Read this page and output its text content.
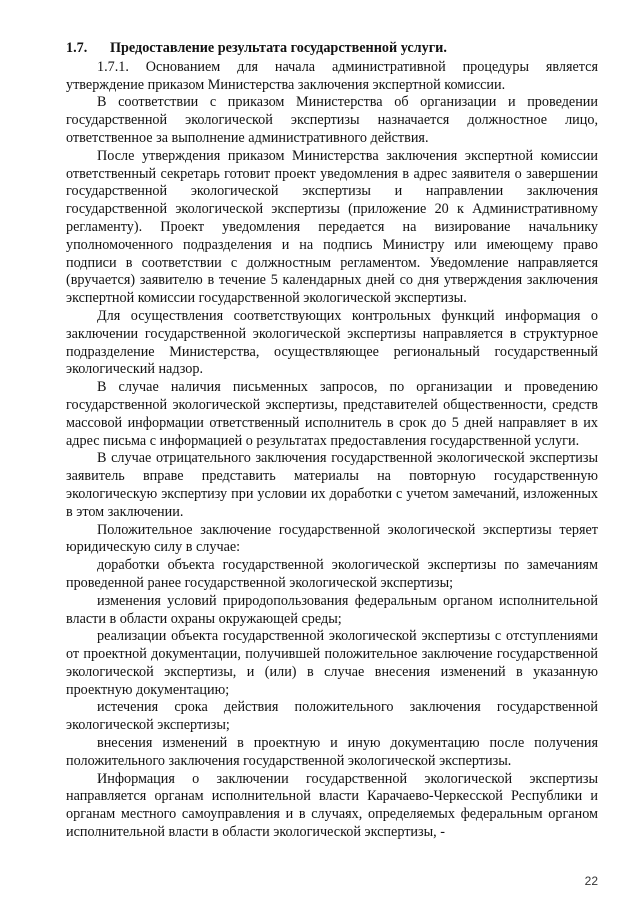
1.7. Предоставление результата государственной услуги.

1.7.1. Основанием для начала административной процедуры является утверждение приказом Министерства заключения экспертной комиссии.

В соответствии с приказом Министерства об организации и проведении государственной экологической экспертизы назначается должностное лицо, ответственное за выполнение административного действия.

После утверждения приказом Министерства заключения экспертной комиссии ответственный секретарь готовит проект уведомления в адрес заявителя о завершении государственной экологической экспертизы и направлении заключения государственной экологической экспертизы (приложение 20 к Административному регламенту). Проект уведомления передается на визирование начальнику уполномоченного подразделения и на подпись Министру или имеющему право подписи в соответствии с должностным регламентом. Уведомление направляется (вручается) заявителю в течение 5 календарных дней со дня утверждения заключения экспертной комиссии государственной экологической экспертизы.

Для осуществления соответствующих контрольных функций информация о заключении государственной экологической экспертизы направляется в структурное подразделение Министерства, осуществляющее региональный государственный экологический надзор.

В случае наличия письменных запросов, по организации и проведению государственной экологической экспертизы, представителей общественности, средств массовой информации ответственный исполнитель в срок до 5 дней направляет в их адрес письма с информацией о результатах предоставления государственной услуги.

В случае отрицательного заключения государственной экологической экспертизы заявитель вправе представить материалы на повторную государственную экологическую экспертизу при условии их доработки с учетом замечаний, изложенных в этом заключении.

Положительное заключение государственной экологической экспертизы теряет юридическую силу в случае:

доработки объекта государственной экологической экспертизы по замечаниям проведенной ранее государственной экологической экспертизы;

изменения условий природопользования федеральным органом исполнительной власти в области охраны окружающей среды;

реализации объекта государственной экологической экспертизы с отступлениями от проектной документации, получившей положительное заключение государственной экологической экспертизы, и (или) в случае внесения изменений в указанную проектную документацию;

истечения срока действия положительного заключения государственной экологической экспертизы;

внесения изменений в проектную и иную документацию после получения положительного заключения государственной экологической экспертизы.

Информация о заключении государственной экологической экспертизы направляется органам исполнительной власти Карачаево-Черкесской Республики и органам местного самоуправления и в случаях, определяемых федеральным органом исполнительной власти в области экологической экспертизы, -

22
